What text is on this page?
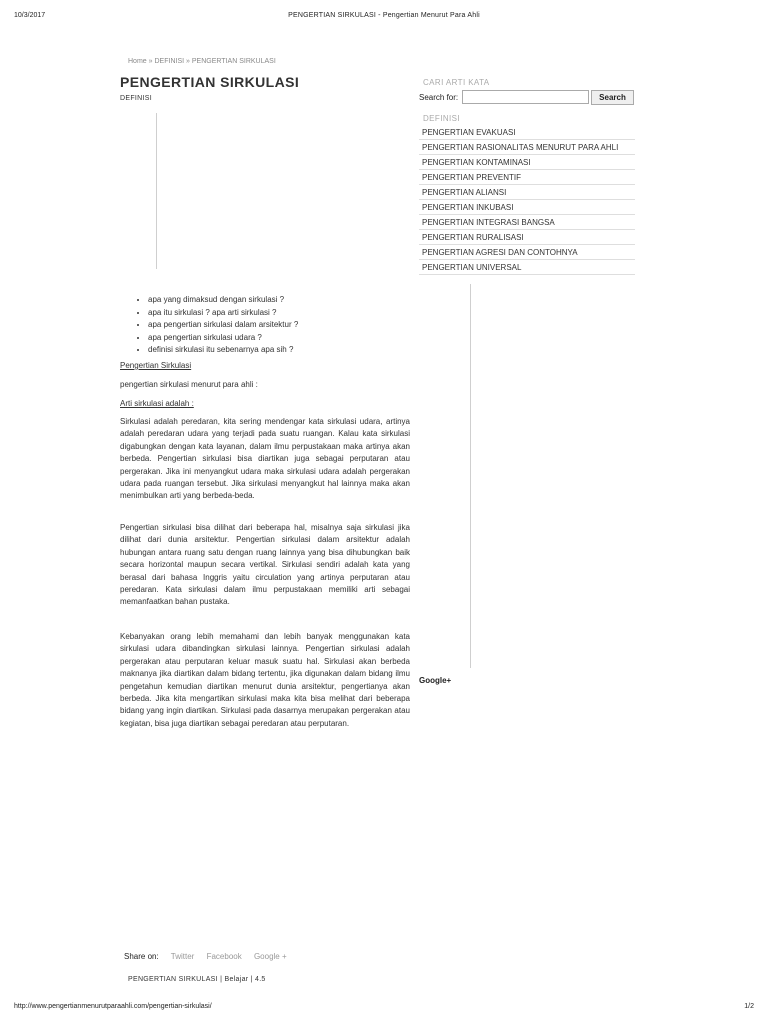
10/3/2017	PENGERTIAN SIRKULASI - Pengertian Menurut Para Ahli
http://www.pengertianmenurutparaahli.com/pengertian-sirkulasi/	1/2
Home » DEFINISI » PENGERTIAN SIRKULASI
PENGERTIAN SIRKULASI
DEFINISI
• apa yang dimaksud dengan sirkulasi ?
• apa itu sirkulasi ? apa arti sirkulasi ?
• apa pengertian sirkulasi dalam arsitektur ?
• apa pengertian sirkulasi udara ?
• definisi sirkulasi itu sebenarnya apa sih ?
Pengertian Sirkulasi
pengertian sirkulasi menurut para ahli :
Arti sirkulasi adalah :
Sirkulasi adalah peredaran, kita sering mendengar kata sirkulasi udara, artinya adalah peredaran udara yang terjadi pada suatu ruangan. Kalau kata sirkulasi digabungkan dengan kata layanan, dalam ilmu perpustakaan maka artinya akan berbeda. Pengertian sirkulasi bisa diartikan juga sebagai perputaran atau pergerakan. Jika ini menyangkut udara maka sirkulasi udara adalah pergerakan udara pada ruangan tersebut. Jika sirkulasi menyangkut hal lainnya maka akan menimbulkan arti yang berbeda-beda.
Pengertian sirkulasi bisa dilihat dari beberapa hal, misalnya saja sirkulasi jika dilihat dari dunia arsitektur. Pengertian sirkulasi dalam arsitektur adalah hubungan antara ruang satu dengan ruang lainnya yang bisa dihubungkan baik secara horizontal maupun secara vertikal. Sirkulasi sendiri adalah kata yang berasal dari bahasa Inggris yaitu circulation yang artinya perputaran atau peredaran. Kata sirkulasi dalam ilmu perpustakaan memiliki arti sebagai memanfaatkan bahan pustaka.
Kebanyakan orang lebih memahami dan lebih banyak menggunakan kata sirkulasi udara dibandingkan sirkulasi lainnya. Pengertian sirkulasi adalah pergerakan atau perputaran keluar masuk suatu hal. Sirkulasi akan berbeda maknanya jika diartikan dalam bidang tertentu, jika digunakan dalam bidang ilmu pengetahun kemudian diartikan menurut dunia arsitektur, pengertianya akan berbeda. Jika kita mengartikan sirkulasi maka kita bisa melihat dari beberapa bidang yang ingin diartikan. Sirkulasi pada dasarnya merupakan pergerakan atau kegiatan, bisa juga diartikan sebagai peredaran atau perputaran.
Share on: Twitter Facebook Google +
PENGERTIAN SIRKULASI | Belajar | 4.5
CARI ARTI KATA
Search for:	Search
DEFINISI
PENGERTIAN EVAKUASI
PENGERTIAN RASIONALITAS MENURUT PARA AHLI
PENGERTIAN KONTAMINASI
PENGERTIAN PREVENTIF
PENGERTIAN ALIANSI
PENGERTIAN INKUBASI
PENGERTIAN INTEGRASI BANGSA
PENGERTIAN RURALISASI
PENGERTIAN AGRESI DAN CONTOHNYA
PENGERTIAN UNIVERSAL
Google+
